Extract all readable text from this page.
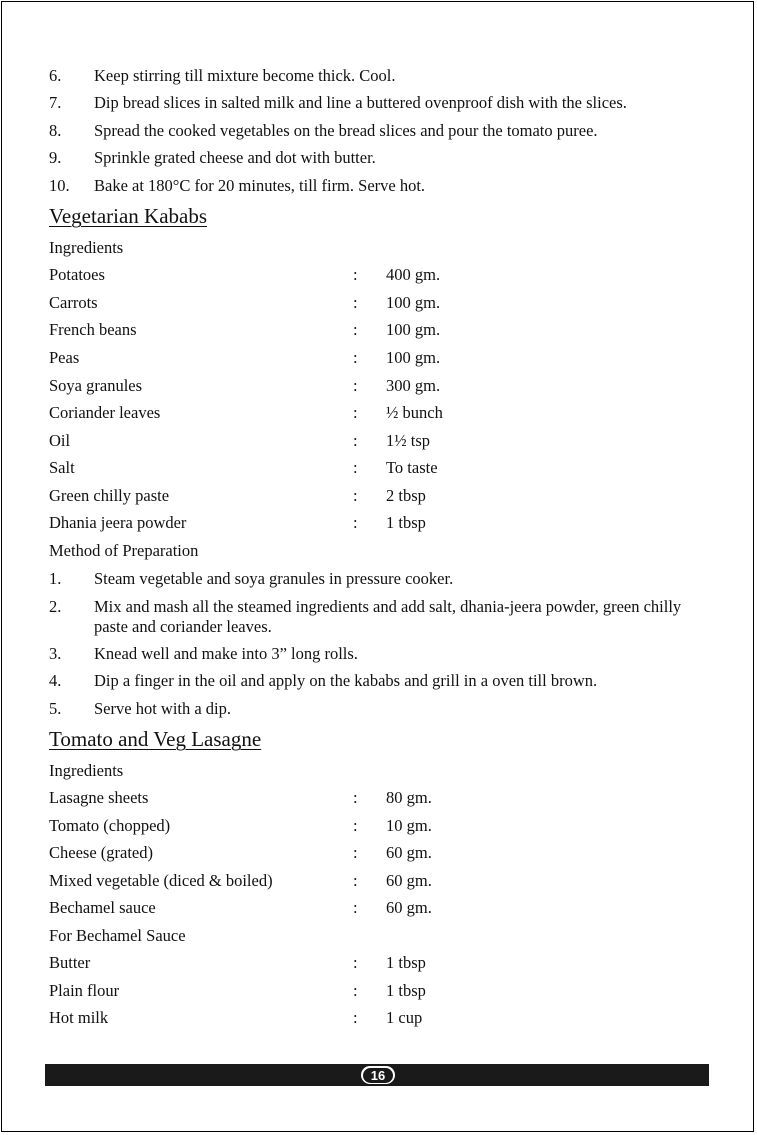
6. Keep stirring till mixture become thick. Cool.
7. Dip bread slices in salted milk and line a buttered ovenproof dish with the slices.
8. Spread the cooked vegetables on the bread slices and pour the tomato puree.
9. Sprinkle grated cheese and dot with butter.
10. Bake at 180°C for 20 minutes, till firm. Serve hot.
Vegetarian Kababs
Ingredients
Potatoes	: 400 gm.
Carrots	: 100 gm.
French beans	: 100 gm.
Peas	: 100 gm.
Soya granules	: 300 gm.
Coriander leaves	: ½ bunch
Oil	: 1½ tsp
Salt	: To taste
Green chilly paste	: 2 tbsp
Dhania jeera powder	: 1 tbsp
Method of Preparation
1. Steam vegetable and soya granules in pressure cooker.
2. Mix and mash all the steamed ingredients and add salt, dhania-jeera powder, green chilly
paste and coriander leaves.
3. Knead well and make into 3” long rolls.
4. Dip a finger in the oil and apply on the kababs and grill in a oven till brown.
5. Serve hot with a dip.
Tomato and Veg Lasagne
Ingredients
Lasagne sheets	: 80 gm.
Tomato (chopped)	: 10 gm.
Cheese (grated)	: 60 gm.
Mixed vegetable (diced & boiled)	: 60 gm.
Bechamel sauce	: 60 gm.
For Bechamel Sauce
Butter	: 1 tbsp
Plain flour	: 1 tbsp
Hot milk	: 1 cup
16
